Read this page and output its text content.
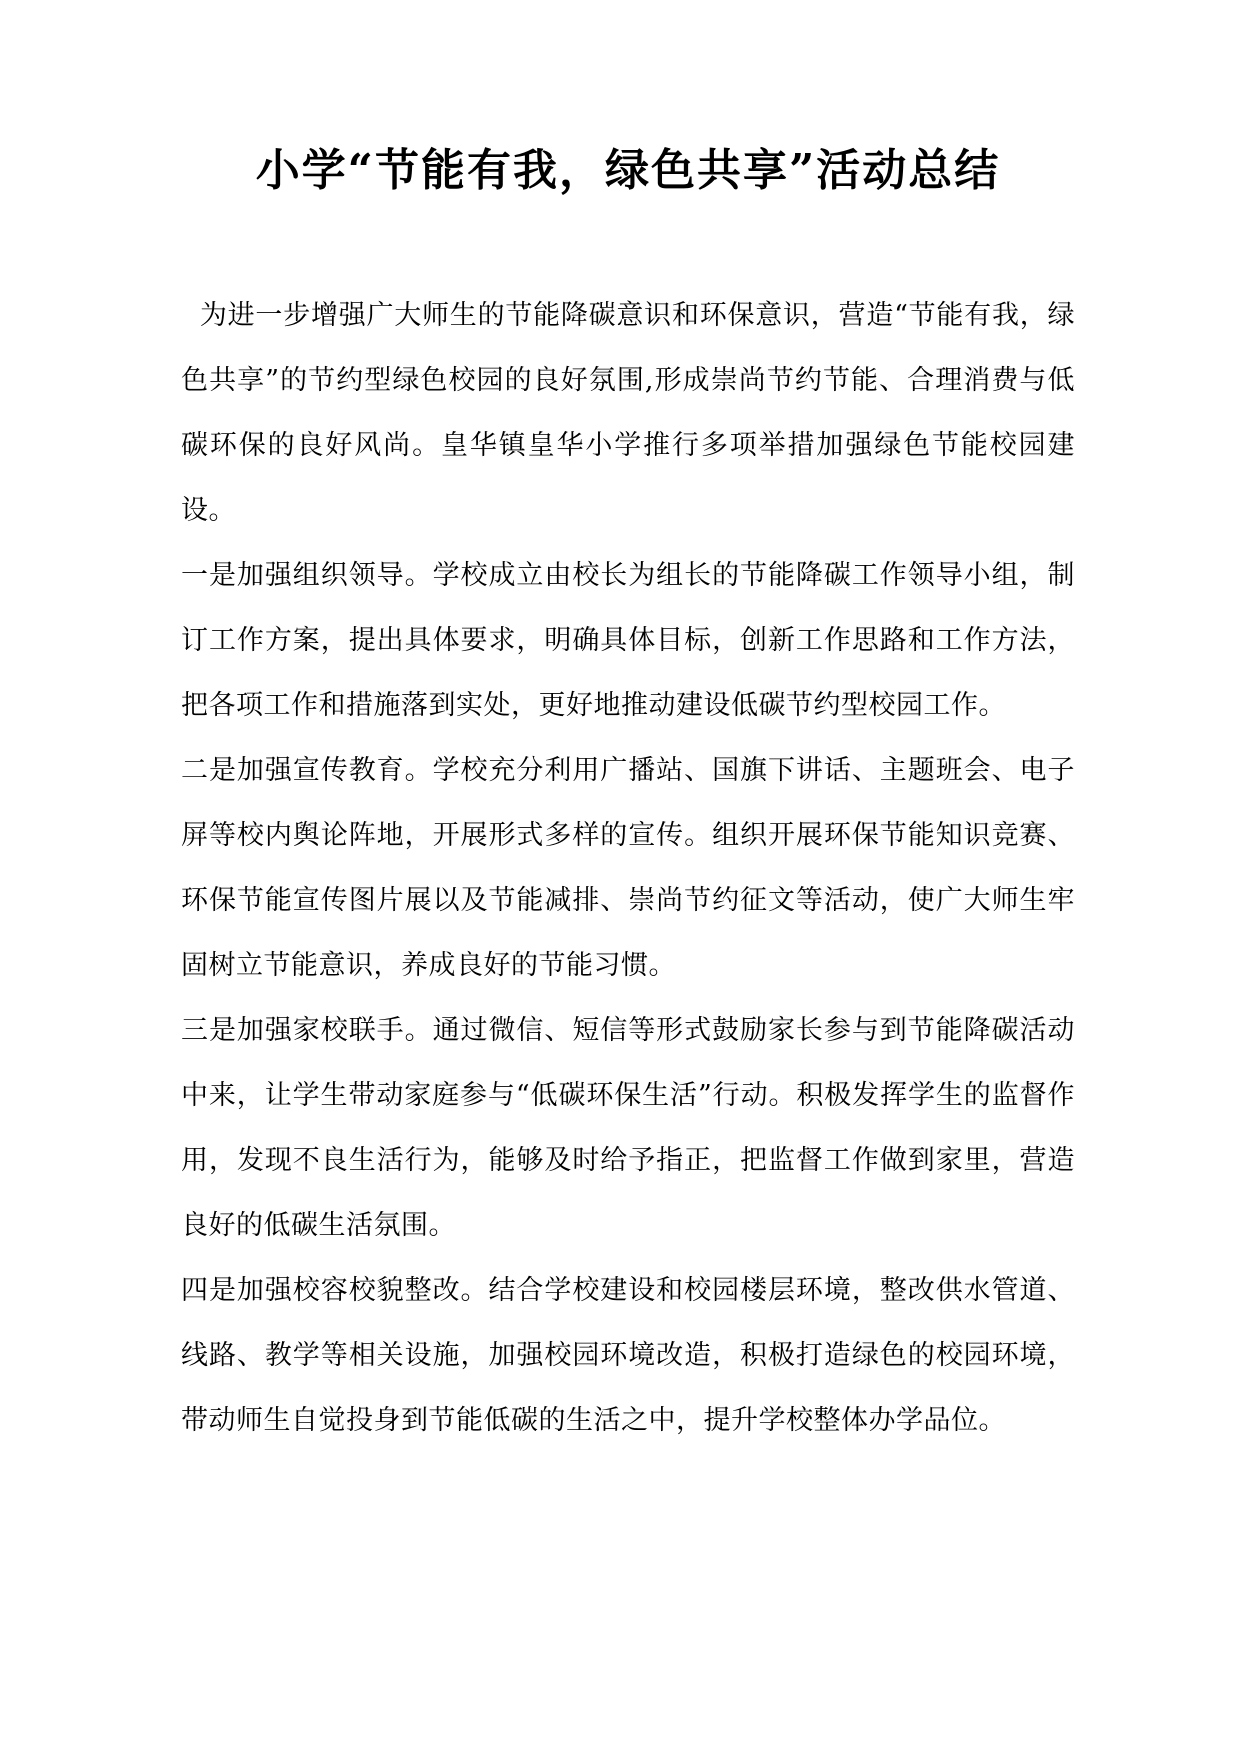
小学“节能有我，绿色共享”活动总结

为进一步增强广大师生的节能降碳意识和环保意识，营造“节能有我，绿色共享”的节约型绿色校园的良好氛围,形成崇尚节约节能、合理消费与低碳环保的良好风尚。皇华镇皇华小学推行多项举措加强绿色节能校园建设。

一是加强组织领导。学校成立由校长为组长的节能降碳工作领导小组，制订工作方案，提出具体要求，明确具体目标，创新工作思路和工作方法，把各项工作和措施落到实处，更好地推动建设低碳节约型校园工作。

二是加强宣传教育。学校充分利用广播站、国旗下讲话、主题班会、电子屏等校内舆论阵地，开展形式多样的宣传。组织开展环保节能知识竞赛、环保节能宣传图片展以及节能减排、崇尚节约征文等活动，使广大师生牢固树立节能意识，养成良好的节能习惯。

三是加强家校联手。通过微信、短信等形式鼓励家长参与到节能降碳活动中来，让学生带动家庭参与“低碳环保生活”行动。积极发挥学生的监督作用，发现不良生活行为，能够及时给予指正，把监督工作做到家里，营造良好的低碳生活氛围。

四是加强校容校貌整改。结合学校建设和校园楼层环境，整改供水管道、线路、教学等相关设施，加强校园环境改造，积极打造绿色的校园环境，带动师生自觉投身到节能低碳的生活之中，提升学校整体办学品位。
